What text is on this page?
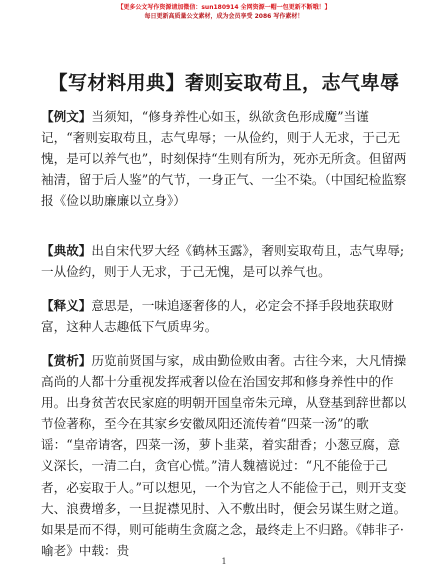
【更多公文写作资源请加微信：sun180914 全网资源一帽一包更新不断哦！】
每日更新高质量公文素材，成为会员享受 2086 写作素材！
【写材料用典】奢则妄取苟且，志气卑辱

【例文】当须知，“修身养性心如玉，纵欲贪色形成魔”当谨记，“奢则妄取苟且，志气卑辱；一从俭约，则于人无求，于己无愧，是可以养气也”，时刻保持“生则有所为，死亦无所贪。但留两袖清，留于后人鉴”的气节，一身正气、一尘不染。（中国纪检监察报《俭以助廉廉以立身》）

【典故】出自宋代罗大经《鹤林玉露》，奢则妄取苟且，志气卑辱;一从俭约，则于人无求，于己无愧，是可以养气也。

【释义】意思是，一味追逐奢侈的人，必定会不择手段地获取财富，这种人志趣低下气质卑劣。

【赏析】历览前贤国与家，成由勤俭败由奢。古往今来，大凡情操高尚的人都十分重视发挥戒奢以俭在治国安邦和修身养性中的作用。出身贫苦农民家庭的明朝开国皇帝朱元璋，从登基到辞世都以节俭著称，至今在其家乡安徽凤阳还流传着“四菜一汤”的歌谣：“皇帝请客，四菜一汤，萝卜韭菜，着实甜香；小葱豆腐，意义深长，一清二白，贪官心慌。”清人魏禧说过：“凡不能俭于己者，必妄取于人。”可以想见，一个为官之人不能俭于己，则开支变大、浪费增多，一旦捉襟见肘、入不敷出时，便会另谋生财之道。如果是而不得，则可能萌生贪腐之念，最终走上不归路。《韩非子·喻老》中载：贵

1
